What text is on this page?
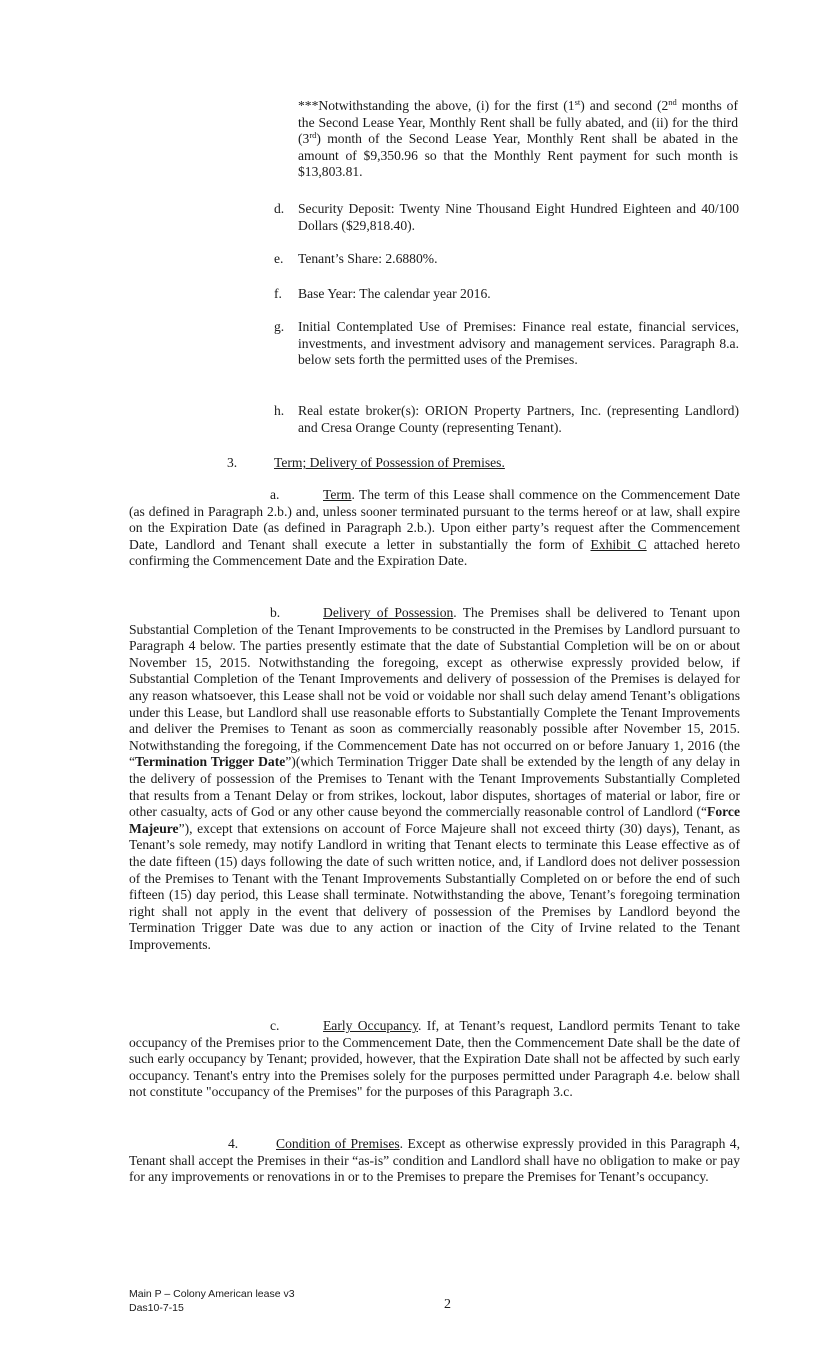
***Notwithstanding the above, (i) for the first (1st) and second (2nd months of the Second Lease Year, Monthly Rent shall be fully abated, and (ii) for the third (3rd) month of the Second Lease Year, Monthly Rent shall be abated in the amount of $9,350.96 so that the Monthly Rent payment for such month is $13,803.81.
d. Security Deposit: Twenty Nine Thousand Eight Hundred Eighteen and 40/100 Dollars ($29,818.40).
e. Tenant’s Share: 2.6880%.
f. Base Year: The calendar year 2016.
g. Initial Contemplated Use of Premises: Finance real estate, financial services, investments, and investment advisory and management services. Paragraph 8.a. below sets forth the permitted uses of the Premises.
h. Real estate broker(s): ORION Property Partners, Inc. (representing Landlord) and Cresa Orange County (representing Tenant).
3.	Term; Delivery of Possession of Premises.
a.	Term. The term of this Lease shall commence on the Commencement Date (as defined in Paragraph 2.b.) and, unless sooner terminated pursuant to the terms hereof or at law, shall expire on the Expiration Date (as defined in Paragraph 2.b.). Upon either party’s request after the Commencement Date, Landlord and Tenant shall execute a letter in substantially the form of Exhibit C attached hereto confirming the Commencement Date and the Expiration Date.
b.	Delivery of Possession. The Premises shall be delivered to Tenant upon Substantial Completion of the Tenant Improvements to be constructed in the Premises by Landlord pursuant to Paragraph 4 below. The parties presently estimate that the date of Substantial Completion will be on or about November 15, 2015. Notwithstanding the foregoing, except as otherwise expressly provided below, if Substantial Completion of the Tenant Improvements and delivery of possession of the Premises is delayed for any reason whatsoever, this Lease shall not be void or voidable nor shall such delay amend Tenant’s obligations under this Lease, but Landlord shall use reasonable efforts to Substantially Complete the Tenant Improvements and deliver the Premises to Tenant as soon as commercially reasonably possible after November 15, 2015. Notwithstanding the foregoing, if the Commencement Date has not occurred on or before January 1, 2016 (the “Termination Trigger Date”)(which Termination Trigger Date shall be extended by the length of any delay in the delivery of possession of the Premises to Tenant with the Tenant Improvements Substantially Completed that results from a Tenant Delay or from strikes, lockout, labor disputes, shortages of material or labor, fire or other casualty, acts of God or any other cause beyond the commercially reasonable control of Landlord (“Force Majeure”), except that extensions on account of Force Majeure shall not exceed thirty (30) days), Tenant, as Tenant’s sole remedy, may notify Landlord in writing that Tenant elects to terminate this Lease effective as of the date fifteen (15) days following the date of such written notice, and, if Landlord does not deliver possession of the Premises to Tenant with the Tenant Improvements Substantially Completed on or before the end of such fifteen (15) day period, this Lease shall terminate. Notwithstanding the above, Tenant’s foregoing termination right shall not apply in the event that delivery of possession of the Premises by Landlord beyond the Termination Trigger Date was due to any action or inaction of the City of Irvine related to the Tenant Improvements.
c.	Early Occupancy. If, at Tenant’s request, Landlord permits Tenant to take occupancy of the Premises prior to the Commencement Date, then the Commencement Date shall be the date of such early occupancy by Tenant; provided, however, that the Expiration Date shall not be affected by such early occupancy. Tenant's entry into the Premises solely for the purposes permitted under Paragraph 4.e. below shall not constitute "occupancy of the Premises" for the purposes of this Paragraph 3.c.
4.	Condition of Premises. Except as otherwise expressly provided in this Paragraph 4, Tenant shall accept the Premises in their “as-is” condition and Landlord shall have no obligation to make or pay for any improvements or renovations in or to the Premises to prepare the Premises for Tenant’s occupancy.
Main P – Colony American lease v3
Das10-7-15	2
